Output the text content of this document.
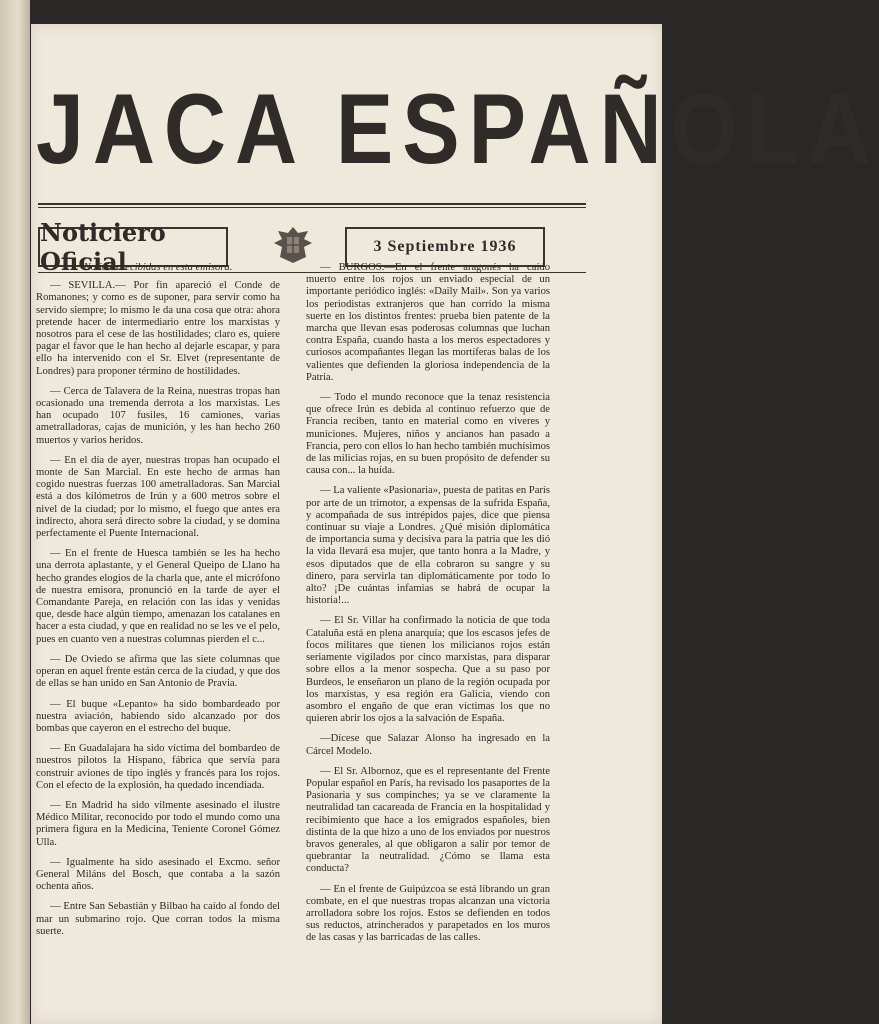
JACA ESPAÑOLA
Noticiero Oficial
3 Septiembre 1936

Noticias recibidas en esta emisora.

— SEVILLA.— Por fin apareció el Conde de Romanones; y como es de suponer, para servir como ha servido siempre; lo mismo le da una cosa que otra: ahora pretende hacer de intermediario entre los marxistas y nosotros para el cese de las hostilidades; claro es, quiere pagar el favor que le han hecho al dejarle escapar, y para ello ha intervenido con el Sr. Elvet (representante de Londres) para proponer término de hostilidades.

— Cerca de Talavera de la Reina, nuestras tropas han ocasionado una tremenda derrota a los marxistas. Les han ocupado 107 fusiles, 16 camiones, varias ametralladoras, cajas de munición, y les han hecho 260 muertos y varios heridos.

— En el día de ayer, nuestras tropas han ocupado el monte de San Marcial. En este hecho de armas han cogido nuestras fuerzas 100 ametralladoras. San Marcial está a dos kilómetros de Irún y a 600 metros sobre el nivel de la ciudad; por lo mismo, el fuego que antes era indirecto, ahora será directo sobre la ciudad, y se domina perfectamente el Puente Internacional.

— En el frente de Huesca también se les ha hecho una derrota aplastante, y el General Queipo de Llano ha hecho grandes elogios de la charla que, ante el micrófono de nuestra emisora, pronunció en la tarde de ayer el Comandante Pareja, en relación con las idas y venidas que, desde hace algún tiempo, amenazan los catalanes en hacer a esta ciudad, y que en realidad no se les ve el pelo, pues en cuanto ven a nuestras columnas pierden el c...

— De Oviedo se afirma que las siete columnas que operan en aquel frente están cerca de la ciudad, y que dos de ellas se han unido en San Antonio de Pravia.

— El buque «Lepanto» ha sido bombardeado por nuestra aviación, habiendo sido alcanzado por dos bombas que cayeron en el estrecho del buque.

— En Guadalajara ha sido víctima del bombardeo de nuestros pilotos la Hispano, fábrica que servía para construir aviones de tipo inglés y francés para los rojos. Con el efecto de la explosión, ha quedado incendiada.

— En Madrid ha sido vilmente asesinado el ilustre Médico Militar, reconocido por todo el mundo como una primera figura en la Medicina, Teniente Coronel Gómez Ulla.

— Igualmente ha sido asesinado el Excmo. señor General Miláns del Bosch, que contaba a la sazón ochenta años.

— Entre San Sebastián y Bilbao ha caído al fondo del mar un submarino rojo. Que corran todos la misma suerte.

— BURGOS.—En el frente aragonés ha caído muerto entre los rojos un enviado especial de un importante periódico inglés: «Daily Mail». Son ya varios los periodistas extranjeros que han corrido la misma suerte en los distintos frentes: prueba bien patente de la marcha que llevan esas poderosas columnas que luchan contra España, cuando hasta a los meros espectadores y curiosos acompañantes llegan las mortíferas balas de los valientes que defienden la gloriosa independencia de la Patria.

— Todo el mundo reconoce que la tenaz resistencia que ofrece Irún es debida al continuo refuerzo que de Francia reciben, tanto en material como en víveres y municiones. Mujeres, niños y ancianos han pasado a Francia, pero con ellos lo han hecho también muchísimos de las milicias rojas, en su buen propósito de defender su causa con... la huída.

— La valiente «Pasionaria», puesta de patitas en París por arte de un trimotor, a expensas de la sufrida España, y acompañada de sus intrépidos pajes, dice que piensa continuar su viaje a Londres. ¿Qué misión diplomática de importancia suma y decisiva para la patria que les dió la vida llevará esa mujer, que tanto honra a la Madre, y esos diputados que de ella cobraron su sangre y su dinero, para servirla tan diplomáticamente por todo lo alto? ¡De cuántas infamias se habrá de ocupar la historia!...

— El Sr. Villar ha confirmado la noticia de que toda Cataluña está en plena anarquía; que los escasos jefes de focos militares que tienen los milicianos rojos están seriamente vigilados por cinco marxistas, para disparar sobre ellos a la menor sospecha. Que a su paso por Burdeos, le enseñaron un plano de la región ocupada por los marxistas, y esa región era Galicia, viendo con asombro el engaño de que eran víctimas los que no quieren abrir los ojos a la salvación de España.

—Dícese que Salazar Alonso ha ingresado en la Cárcel Modelo.

— El Sr. Albornoz, que es el representante del Frente Popular español en París, ha revisado los pasaportes de la Pasionaria y sus compinches; ya se ve claramente la neutralidad tan cacareada de Francia en la hospitalidad y recibimiento que hace a los emigrados españoles, bien distinta de la que hizo a uno de los enviados por nuestros bravos generales, al que obligaron a salir por temor de quebrantar la neutralidad. ¿Cómo se llama esta conducta?

— En el frente de Guipúzcoa se está librando un gran combate, en el que nuestras tropas alcanzan una victoria arrolladora sobre los rojos. Estos se defienden en todos sus reductos, atrincherados y parapetados en los muros de las casas y las barricadas de las calles.
